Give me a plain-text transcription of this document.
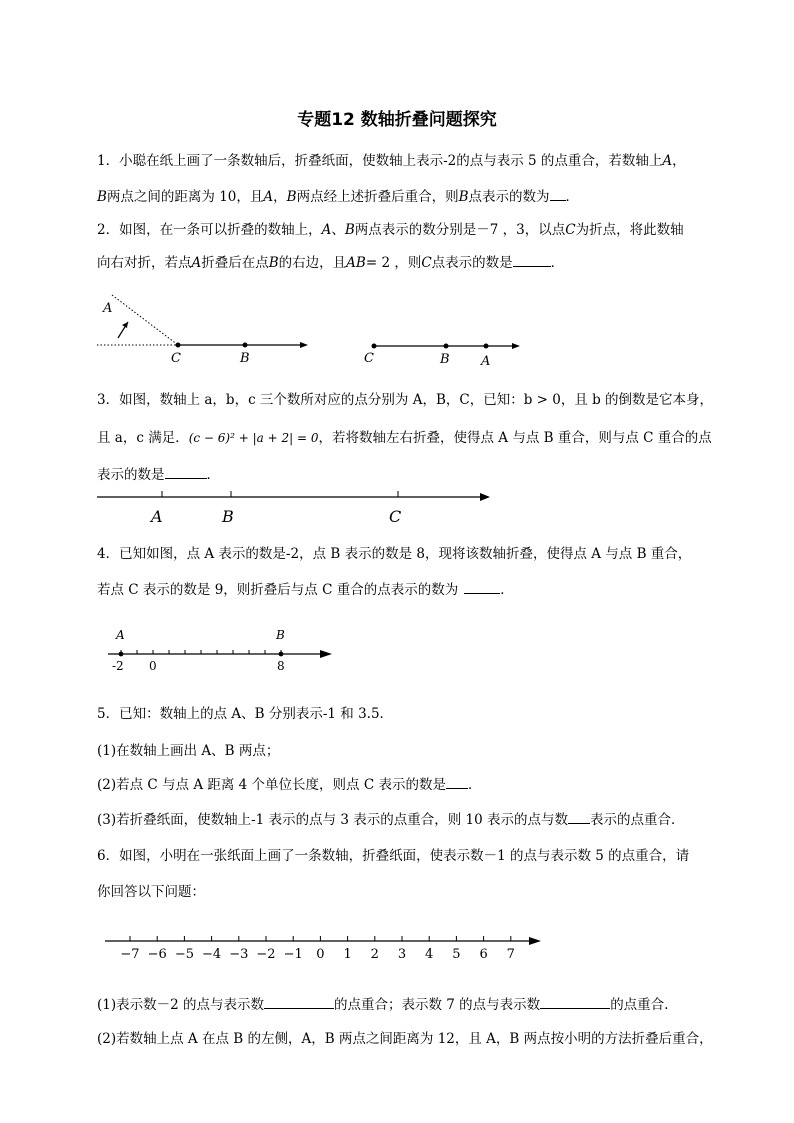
专题12 数轴折叠问题探究
1．小聪在纸上画了一条数轴后，折叠纸面，使数轴上表示-2的点与表示 5 的点重合，若数轴上A，
B两点之间的距离为 10，且A，B两点经上述折叠后重合，则B点表示的数为 ．
2．如图，在一条可以折叠的数轴上，A、B两点表示的数分别是－7 ，3，以点C为折点，将此数轴
向右对折，若点A折叠后在点B的右边，且AB= 2 ，则C点表示的数是	．
A
C	B	C	B A
3．如图，数轴上 a，b，c 三个数所对应的点分别为 A，B，C，已知：b > 0，且 b 的倒数是它本身，
且 a，c 满足．(c − 6)² + |a + 2| = 0，若将数轴左右折叠，使得点 A 与点 B 重合，则与点 C 重合的点
表示的数是	．
A	B	C
4．已知如图，点 A 表示的数是-2，点 B 表示的数是 8，现将该数轴折叠，使得点 A 与点 B 重合，
若点 C 表示的数是 9，则折叠后与点 C 重合的点表示的数为	．
A	B
-2 0	8
5．已知：数轴上的点 A、B 分别表示-1 和 3.5．
(1)在数轴上画出 A、B 两点；
(2)若点 C 与点 A 距离 4 个单位长度，则点 C 表示的数是 ．
(3)若折叠纸面，使数轴上-1 表示的点与 3 表示的点重合，则 10 表示的点与数 表示的点重合．
6．如图，小明在一张纸面上画了一条数轴，折叠纸面，使表示数－1 的点与表示数 5 的点重合，请
你回答以下问题：
−7 −6 −5 −4 −3 −2 −1 0 1 2 3 4 5 6 7
(1)表示数－2 的点与表示数	的点重合；表示数 7 的点与表示数	的点重合.
(2)若数轴上点 A 在点 B 的左侧，A，B 两点之间距离为 12，且 A，B 两点按小明的方法折叠后重合，
